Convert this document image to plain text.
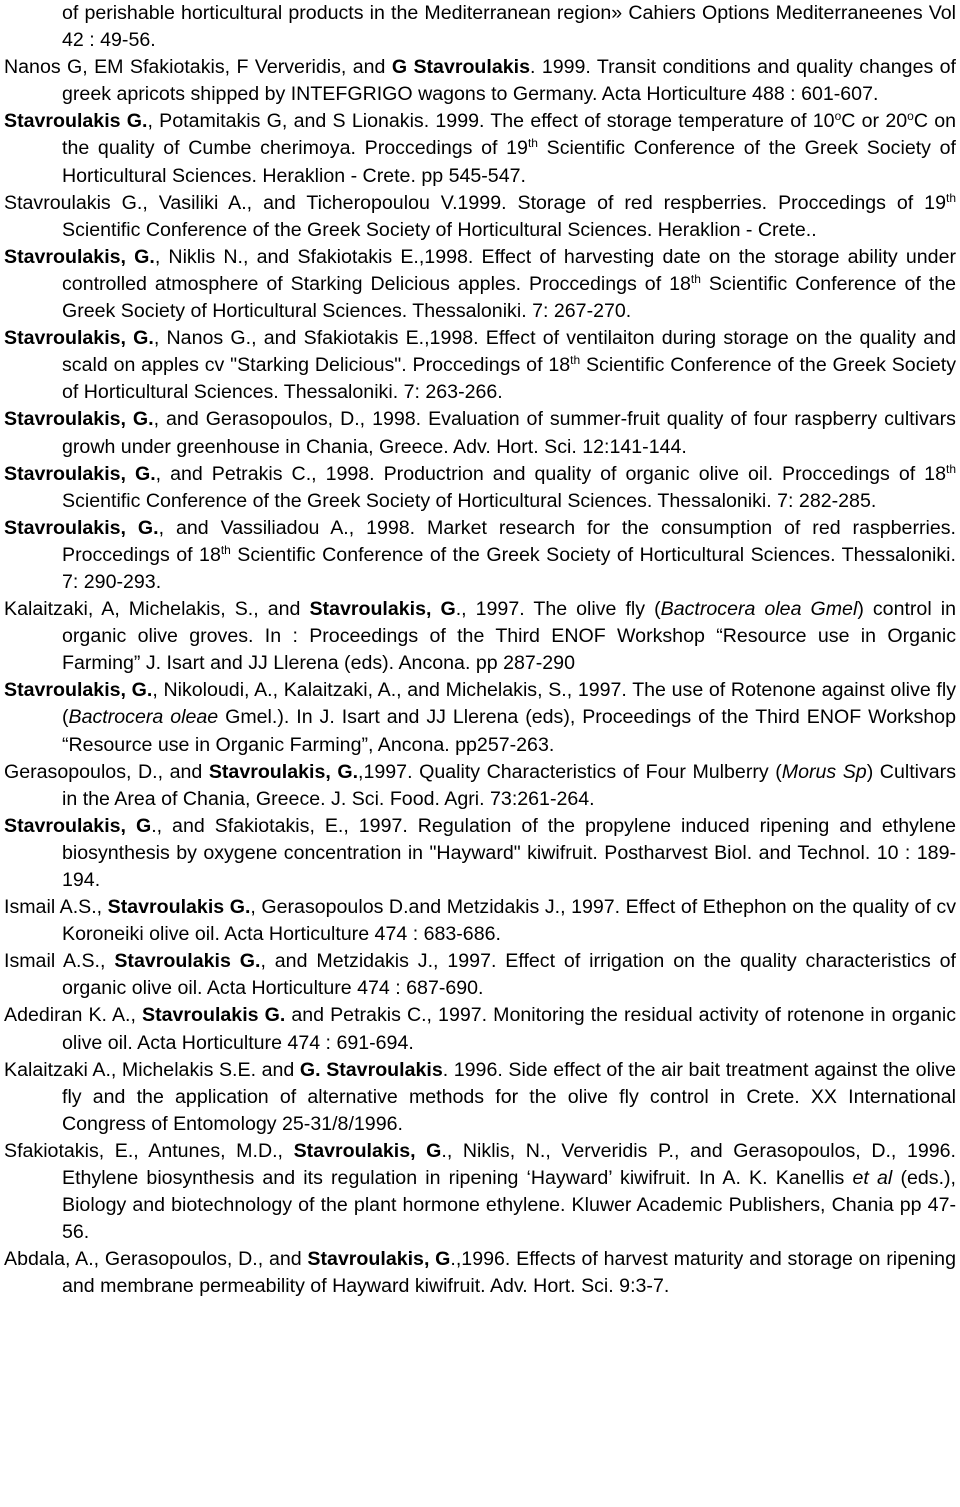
of perishable horticultural products in the Mediterranean region» Cahiers Options Mediterraneenes Vol 42 : 49-56.

Nanos G, EM Sfakiotakis, F Ververidis, and G Stavroulakis. 1999. Transit conditions and quality changes of greek apricots shipped by INTEFGRIGO wagons to Germany. Acta Horticulture 488 : 601-607.

Stavroulakis G., Potamitakis G, and S Lionakis. 1999. The effect of storage temperature of 10$^o$C or 20$^o$C on the quality of Cumbe cherimoya. Proccedings of 19th Scientific Conference of the Greek Society of Horticultural Sciences. Heraklion - Crete. pp 545-547.

Stavroulakis G., Vasiliki A., and Ticheropoulou V.1999. Storage of red respberries. Proccedings of 19th Scientific Conference of the Greek Society of Horticultural Sciences. Heraklion - Crete..

Stavroulakis, G., Niklis N., and Sfakiotakis E.,1998. Effect of harvesting date on the storage ability under controlled atmosphere of Starking Delicious apples. Proccedings of 18th Scientific Conference of the Greek Society of Horticultural Sciences. Thessaloniki. 7: 267-270.

Stavroulakis, G., Nanos G., and Sfakiotakis E.,1998. Effect of ventilaiton during storage on the quality and scald on apples cv "Starking Delicious". Proccedings of 18th Scientific Conference of the Greek Society of Horticultural Sciences. Thessaloniki. 7: 263-266.

Stavroulakis, G., and Gerasopoulos, D., 1998. Evaluation of summer-fruit quality of four raspberry cultivars growh under greenhouse in Chania, Greece. Adv. Hort. Sci. 12:141-144.

Stavroulakis, G., and Petrakis C., 1998. Productrion and quality of organic olive oil. Proccedings of 18th Scientific Conference of the Greek Society of Horticultural Sciences. Thessaloniki. 7: 282-285.

Stavroulakis, G., and Vassiliadou A., 1998. Market research for the consumption of red raspberries. Proccedings of 18th Scientific Conference of the Greek Society of Horticultural Sciences. Thessaloniki. 7: 290-293.

Kalaitzaki, A, Michelakis, S., and Stavroulakis, G., 1997. The olive fly (Bactrocera olea Gmel) control in organic olive groves. In : Proceedings of the Third ENOF Workshop “Resource use in Organic Farming” J. Isart and JJ Llerena (eds). Ancona. pp 287-290

Stavroulakis, G., Nikoloudi, A., Kalaitzaki, A., and Michelakis, S., 1997. The use of Rotenone against olive fly (Bactrocera oleae Gmel.). In J. Isart and JJ Llerena (eds), Proceedings of the Third ENOF Workshop “Resource use in Organic Farming”, Ancona. pp257-263.

Gerasopoulos, D., and Stavroulakis, G.,1997. Quality Characteristics of Four Mulberry (Morus Sp) Cultivars in the Area of Chania, Greece. J. Sci. Food. Agri. 73:261-264.

Stavroulakis, G., and Sfakiotakis, E., 1997. Regulation of the propylene induced ripening and ethylene biosynthesis by oxygene concentration in "Hayward" kiwifruit. Postharvest Biol. and Technol. 10 : 189-194.

Ismail A.S., Stavroulakis G., Gerasopoulos D.and Metzidakis J., 1997. Effect of Ethephon on the quality of cv Koroneiki olive oil. Acta Horticulture 474 : 683-686.

Ismail A.S., Stavroulakis G., and Metzidakis J., 1997. Effect of irrigation on the quality characteristics of organic olive oil. Acta Horticulture 474 : 687-690.

Adediran K. A., Stavroulakis G. and Petrakis C., 1997. Monitoring the residual activity of rotenone in organic olive oil. Acta Horticulture 474 : 691-694.

Kalaitzaki A., Michelakis S.E. and G. Stavroulakis. 1996. Side effect of the air bait treatment against the olive fly and the application of alternative methods for the olive fly control in Crete. XX International Congress of Entomology 25-31/8/1996.

Sfakiotakis, E., Antunes, M.D., Stavroulakis, G., Niklis, N., Ververidis P., and Gerasopoulos, D., 1996. Ethylene biosynthesis and its regulation in ripening ‘Hayward’ kiwifruit. In A. K. Kanellis et al (eds.), Biology and biotechnology of the plant hormone ethylene. Kluwer Academic Publishers, Chania pp 47-56.

Abdala, A., Gerasopoulos, D., and Stavroulakis, G.,1996. Effects of harvest maturity and storage on ripening and membrane permeability of Hayward kiwifruit. Adv. Hort. Sci. 9:3-7.
